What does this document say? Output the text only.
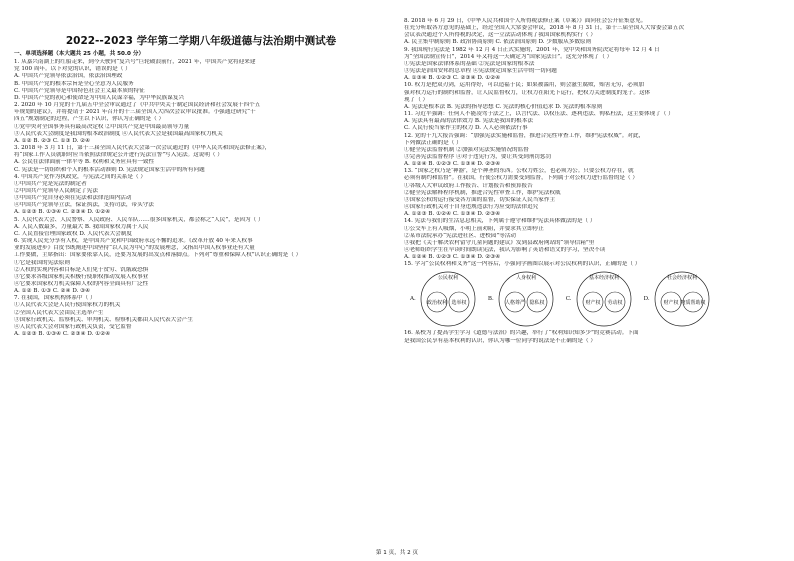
2022--2023 学年第二学期八年级道德与法治期中测试卷
一、单项选择题（本大题共 25 小题，共 50.0 分）
1. 从嘉兴南湖上的红船走来，到今天驶向“复兴号”巨轮破浪前行，2021 年，中国共产党将迎来建
党 100 周年。以下对党的认识，错误的是（ ）
A. 中国共产党领导依法治国，依法治国理政
B. 中国共产党的根本宗旨是全心全意为人民服务
C. 中国共产党领导是中国特色社会主义最本质的特征
D. 中国共产党的初心和使命是为中国人民谋幸福，为中华民族谋复兴
2. 2020 年 10 月党的十九届五中全会审议通过了《中共中央关于制定国民经济和社会发展十四个五
年规划的建议》，并将提请于 2021 年召开的十三届全国人大四次会议审议批准。小强通过研究“十
四五”规划制定的过程，产生以下认识，你认为正确的是（ ）
①党中央对全国事务具有最高决定权 ②中国共产党是中国最高领导力量
③人民代表大会制度是我国的根本政治制度 ④人民代表大会是我国最高国家权力机关
A. ①② B. ②③ C. ①③ D. ②④
3. 2018 年 3 月 11 日，第十三届全国人民代表大会第一次会议通过的《中华人民共和国宪法修正案》，
将“国家工作人员就职时应当依照法律规定公开进行宪法宣誓”写入宪法。这说明（ ）
A. 公民在法律面前一律平等 B. 权利和义务应具有一致性
C. 宪法是一切组织和个人的根本活动准则 D. 宪法规定国家生活中的所有问题
4. 中国共产党作为执政党，与宪法之间的关系是（ ）
①中国共产党是宪法的制定者
②中国共产党领导人民制定了宪法
③中国共产党自身必须在宪法和法律范围内活动
④中国共产党领导立法，保证执法，支持司法，带头守法
A. ①②③ B. ①③④ C. ②③④ D. ①②④
5. 人民代表大会、人民警察、人民政府、人民军队……很多国家机关，都会称之“人民”，是因为（ ）
A. 人民人数最多，力量最大 B. 我国国家权力属于人民
C. 人民直接管理国家政权 D. 人民代表大会制度
6. 实现人民充分享有人权，是中国共产党和中国政府永远不懈的追求。《改革开放 40 年来人权事
业的发展进步》白皮书既阐述中国坚持“以人民为中心”的发展理念，又指出中国人权事业还有大量
工作要做，主席指出：国家要依靠人民，还要为发展的出发点和落脚点。下列对“尊重和保障人权”认识正确的是（ ）
①它是我国的宪法原则
②人权的实现内容和目标是人们免于贫穷、饥饿或恐惧
③它要求各级国家机关积极行使职权推动发展人权事业
④它要求国家权力机关保障人权的内容全面具有广泛性
A. ①② B. ①③ C. ②④ D. ③④
7. 在我国，国家机构体系中（ ）
①人民代表大会是人民行使国家权力的机关
②全国人民代表大会由民主选举产生
③国家行政机关、监察机关、审判机关、检察机关都由人民代表大会产生
④人民代表大会对国家行政机关负责，受它监督
A. ①②③ B. ①③④ C. ②③④ D. ①②④
8. 2018 年 6 月 29 日，《中华人民共和国个人所得税法修正案（草案）》面向社会公开征集意见。
在充分听取各方意见的基础上，经过全国人大常委会审议，2018 年 8 月 31 日，第十三届全国人大常委会第五次
会议表决通过个人所得税的决定，这一立法活动体现了我国国家机构实行（ ）
A. 民主集中制原则 B. 政治协商原则 C. 依法治国原则 D. 少数服从多数原则
9. 我国现行宪法是 1982 年 12 月 4 日正式实施的，2001 年，党中央和国务院决定将每年 12 月 4 日
为“全国法制宣传日”，2014 年又将这一天确定为“国家宪法日”。这充分体现了（ ）
①宪法是国家法律体系的基础 ②宪法是国家的根本法
③宪法是治国安邦的总章程 ④宪法规定国家生活中的一切问题
A. ①③④ B. ①②③ C. ②③④ D. ①②④
10. 权力是把双刃剑，运用得好，可以造福于民；如果被滥用，则会滋生腐败，贻害无穷，必须加
强对权力运行的制约和监督，让人民监督权力，让权力在阳光下运行，把权力关进制度的笼子。这体
现了（ ）
A. 宪法是根本法 B. 宪法的指导思想 C. 宪法的核心价值追求 D. 宪法的根本原则
11. 习近平强调：任何人不能凌驾于法之上，以言代法、以权压法、逐利违法、徇私枉法，这主要体现了（ ）
A. 宪法具有最高的法律效力 B. 宪法是我国的根本法
C. 人民行使当家作主的权力 D. 人人必须依法行事
12. 党的十九大报告强调：“加强宪法实施和监督，推进合宪性审查工作，维护宪法权威”。对此，
下列做法正确的是（ ）
①健全宪法监督机制 ②加强对宪法实施情况的监督
③完善宪法监督程序 ④对于违宪行为，要让其受到刑罚惩罚
A. ①②④ B. ①②③ C. ①③④ D. ②③④
13. “国家之权乃是‘神器’，是个神圣的东西。公权力姓公，也必须为公。只要公权力存在，就
必须有制约和监督”。在我国，行使公权力需要受到监督，下列属于对公权力进行监督的是（ ）
①各级人大审议政府工作报告、计划报告和预算报告
②健全宪法解释程序机制，推进合宪性审查工作，维护宪法权威
③国家公权的运行接受各方面的监督，切实保证人民当家作主
④国家行政机关对于自身违规违法行为应受的法律追究
A. ①②③ B. ①②④ C. ①③④ D. ②③④
14. 宪法与我们的生活息息相关，下列属于遵守和维护宪法具体做法的是（ ）
①公交车上有人吸烟，小明上前劝阻，并要求其立即停止
②某市法院承办“宪法进社区、进校园”等活动
③我把《关于解决农村留守儿童问题的建议》发到县政府网站的“领导信箱”里
④老师组织学生在早读时间朗读宪法，我认为影响了英语和语文的学习，坚决不读
A. ①②④ B. ①②③ C. ①③④ D. ②③④
15. 学习“公民权利和义务”这一内容后，小强同学画图以展示对公民权利的认识，正确的是（ ）
A.
公民权利
政治权利 选举权
B.
人身权利
人格尊严 隐私权
C.
基本经济权利
财产权 劳动权
D.
社会经济权利
财产权 物质帮助权
16. 某校为了提高学生学习《道德与法治》的兴趣，举行了“权利知识知多少”的竞赛活动。下面
是我国公民享有基本权利的认识，你认为哪一位同学的说法是不正确的是（ ）
第 1 页，共 2 页
